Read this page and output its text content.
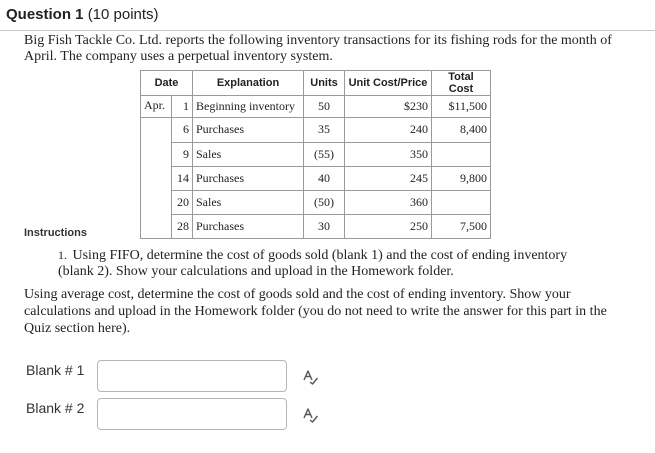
Question 1 (10 points)
Big Fish Tackle Co. Ltd. reports the following inventory transactions for its fishing rods for the month of April. The company uses a perpetual inventory system.
Date		Explanation	Units	Unit Cost/Price	Total Cost
Apr.	1	Beginning inventory	50	$230	$11,500
	6	Purchases	35	240	8,400
	9	Sales	(55)	350	
	14	Purchases	40	245	9,800
	20	Sales	(50)	360	
	28	Purchases	30	250	7,500
Instructions
1. Using FIFO, determine the cost of goods sold (blank 1) and the cost of ending inventory (blank 2). Show your calculations and upload in the Homework folder.
Using average cost, determine the cost of goods sold and the cost of ending inventory. Show your calculations and upload in the Homework folder (you do not need to write the answer for this part in the Quiz section here).
Blank # 1
Blank # 2
